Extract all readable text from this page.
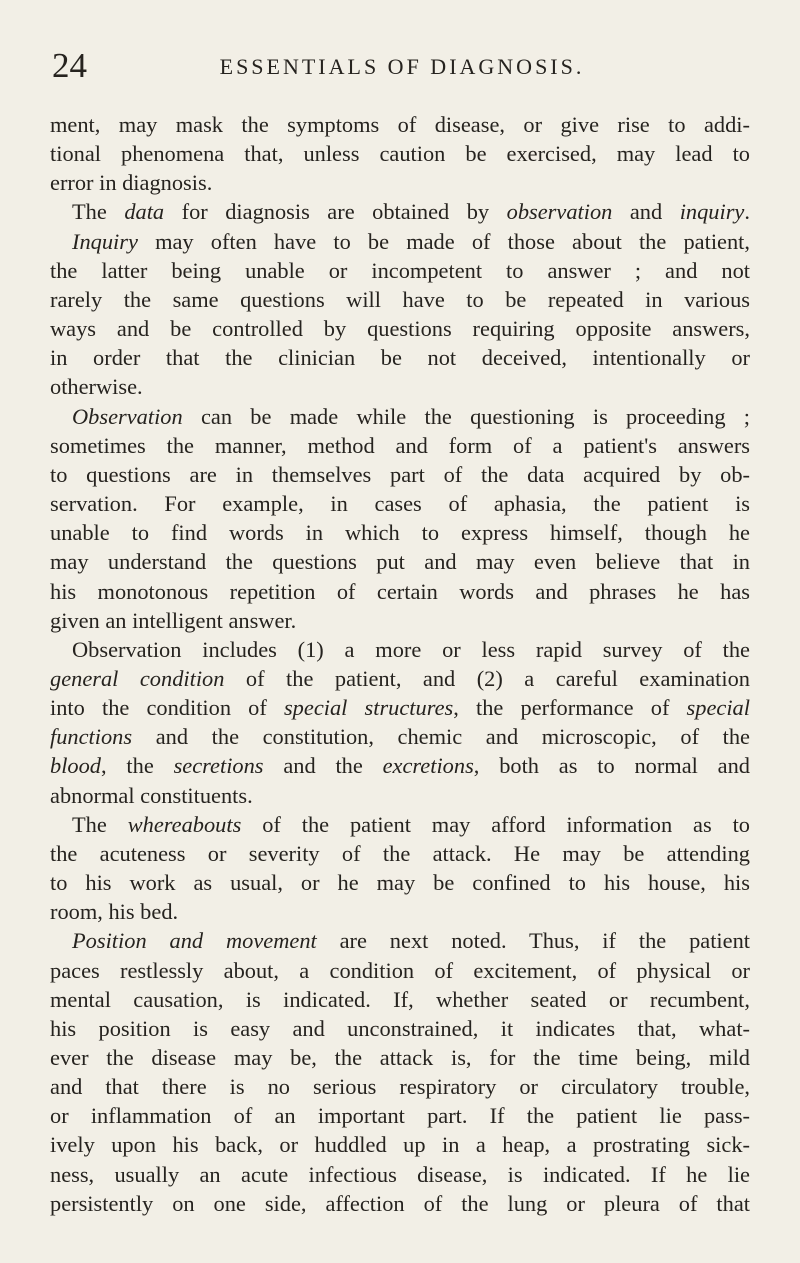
24	ESSENTIALS OF DIAGNOSIS.

ment, may mask the symptoms of disease, or give rise to addi-

tional phenomena that, unless caution be exercised, may lead to

error in diagnosis.

The data for diagnosis are obtained by observation and inquiry.

Inquiry may often have to be made of those about the patient,

the latter being unable or incompetent to answer ; and not

rarely the same questions will have to be repeated in various

ways and be controlled by questions requiring opposite answers,

in order that the clinician be not deceived, intentionally or

otherwise.

Observation can be made while the questioning is proceeding ;

sometimes the manner, method and form of a patient's answers

to questions are in themselves part of the data acquired by ob-

servation. For example, in cases of aphasia, the patient is

unable to find words in which to express himself, though he

may understand the questions put and may even believe that in

his monotonous repetition of certain words and phrases he has

given an intelligent answer.

Observation includes (1) a more or less rapid survey of the

general condition of the patient, and (2) a careful examination

into the condition of special structures, the performance of special

functions and the constitution, chemic and microscopic, of the

blood, the secretions and the excretions, both as to normal and

abnormal constituents.

The whereabouts of the patient may afford information as to

the acuteness or severity of the attack. He may be attending

to his work as usual, or he may be confined to his house, his

room, his bed.

Position and movement are next noted. Thus, if the patient

paces restlessly about, a condition of excitement, of physical or

mental causation, is indicated. If, whether seated or recumbent,

his position is easy and unconstrained, it indicates that, what-

ever the disease may be, the attack is, for the time being, mild

and that there is no serious respiratory or circulatory trouble,

or inflammation of an important part. If the patient lie pass-

ively upon his back, or huddled up in a heap, a prostrating sick-

ness, usually an acute infectious disease, is indicated. If he lie

persistently on one side, affection of the lung or pleura of that
